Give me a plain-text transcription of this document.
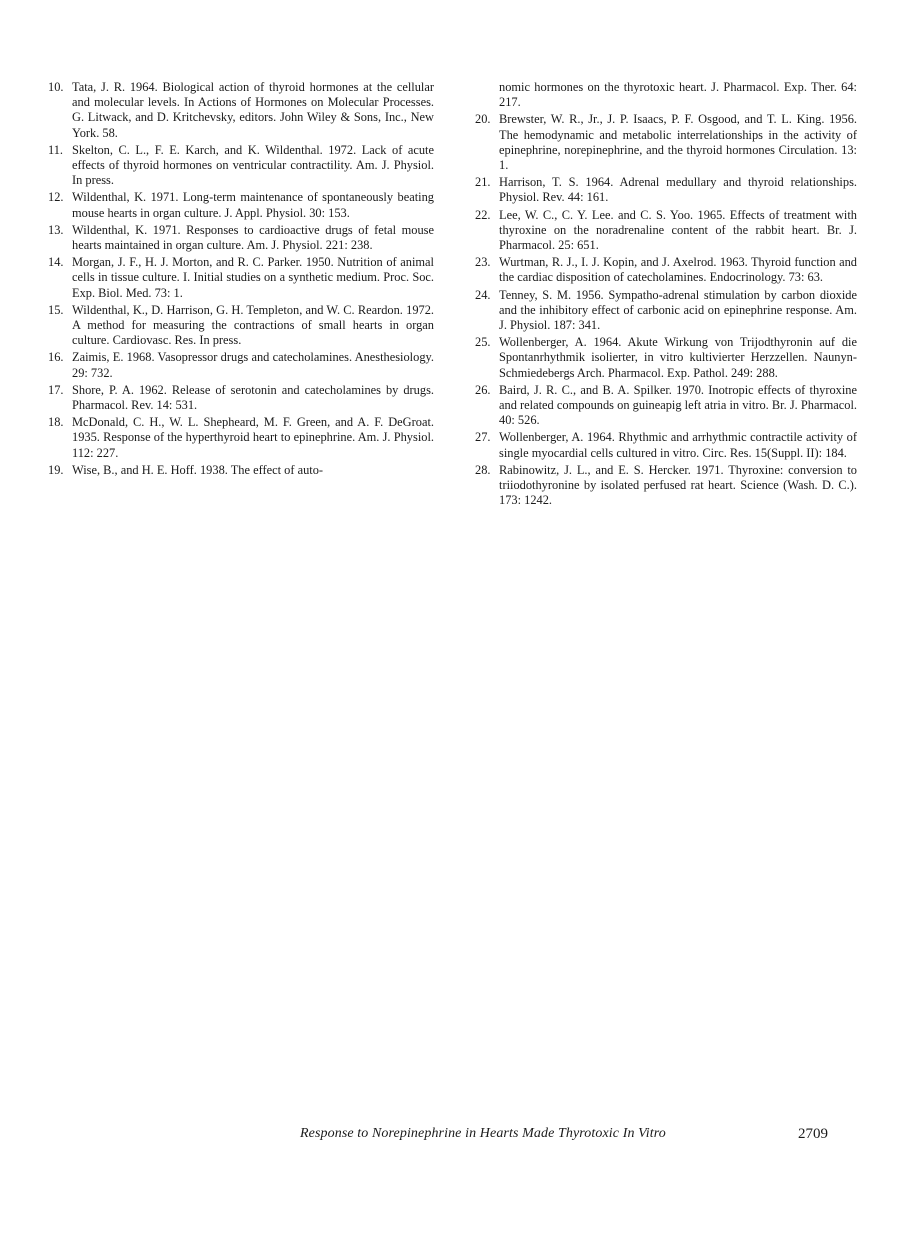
10. Tata, J. R. 1964. Biological action of thyroid hormones at the cellular and molecular levels. In Actions of Hormones on Molecular Processes. G. Litwack, and D. Kritchevsky, editors. John Wiley & Sons, Inc., New York. 58.
11. Skelton, C. L., F. E. Karch, and K. Wildenthal. 1972. Lack of acute effects of thyroid hormones on ventricular contractility. Am. J. Physiol. In press.
12. Wildenthal, K. 1971. Long-term maintenance of spontaneously beating mouse hearts in organ culture. J. Appl. Physiol. 30: 153.
13. Wildenthal, K. 1971. Responses to cardioactive drugs of fetal mouse hearts maintained in organ culture. Am. J. Physiol. 221: 238.
14. Morgan, J. F., H. J. Morton, and R. C. Parker. 1950. Nutrition of animal cells in tissue culture. I. Initial studies on a synthetic medium. Proc. Soc. Exp. Biol. Med. 73: 1.
15. Wildenthal, K., D. Harrison, G. H. Templeton, and W. C. Reardon. 1972. A method for measuring the contractions of small hearts in organ culture. Cardiovasc. Res. In press.
16. Zaimis, E. 1968. Vasopressor drugs and catecholamines. Anesthesiology. 29: 732.
17. Shore, P. A. 1962. Release of serotonin and catecholamines by drugs. Pharmacol. Rev. 14: 531.
18. McDonald, C. H., W. L. Shepheard, M. F. Green, and A. F. DeGroat. 1935. Response of the hyperthyroid heart to epinephrine. Am. J. Physiol. 112: 227.
19. Wise, B., and H. E. Hoff. 1938. The effect of auto-
nomic hormones on the thyrotoxic heart. J. Pharmacol. Exp. Ther. 64: 217.
20. Brewster, W. R., Jr., J. P. Isaacs, P. F. Osgood, and T. L. King. 1956. The hemodynamic and metabolic interrelationships in the activity of epinephrine, norepinephrine, and the thyroid hormones Circulation. 13: 1.
21. Harrison, T. S. 1964. Adrenal medullary and thyroid relationships. Physiol. Rev. 44: 161.
22. Lee, W. C., C. Y. Lee. and C. S. Yoo. 1965. Effects of treatment with thyroxine on the noradrenaline content of the rabbit heart. Br. J. Pharmacol. 25: 651.
23. Wurtman, R. J., I. J. Kopin, and J. Axelrod. 1963. Thyroid function and the cardiac disposition of catecholamines. Endocrinology. 73: 63.
24. Tenney, S. M. 1956. Sympatho-adrenal stimulation by carbon dioxide and the inhibitory effect of carbonic acid on epinephrine response. Am. J. Physiol. 187: 341.
25. Wollenberger, A. 1964. Akute Wirkung von Trijodthyronin auf die Spontanrhythmik isolierter, in vitro kultivierter Herzzellen. Naunyn-Schmiedebergs Arch. Pharmacol. Exp. Pathol. 249: 288.
26. Baird, J. R. C., and B. A. Spilker. 1970. Inotropic effects of thyroxine and related compounds on guineapig left atria in vitro. Br. J. Pharmacol. 40: 526.
27. Wollenberger, A. 1964. Rhythmic and arrhythmic contractile activity of single myocardial cells cultured in vitro. Circ. Res. 15(Suppl. II): 184.
28. Rabinowitz, J. L., and E. S. Hercker. 1971. Thyroxine: conversion to triiodothyronine by isolated perfused rat heart. Science (Wash. D. C.). 173: 1242.
Response to Norepinephrine in Hearts Made Thyrotoxic In Vitro	2709
